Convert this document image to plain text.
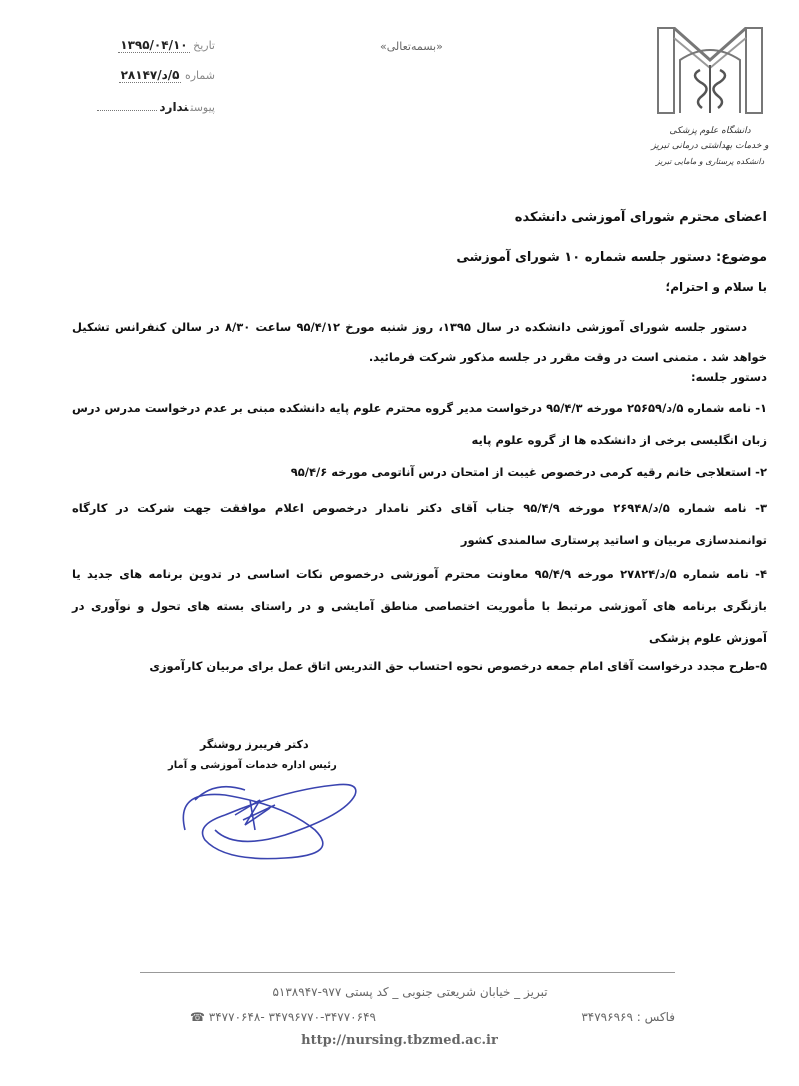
تاریخ ۱۳۹۵/۰۴/۱۰
شماره ۵/د/۲۸۱۴۷
پیوستندارد
«بسمه‌تعالی»
دانشگاه علوم پزشکی
و خدمات بهداشتی درمانی تبریز
دانشکده پرستاری و مامایی تبریز
اعضای محترم شورای آموزشی دانشکده
موضوع: دستور جلسه شماره ۱۰ شورای آموزشی
با سلام و احترام؛
دستور جلسه شورای آموزشی دانشکده در سال ۱۳۹۵، روز شنبه مورخ ۹۵/۴/۱۲ ساعت ۸/۳۰ در سالن کنفرانس تشکیل خواهد شد . متمنی است در وقت مقرر در جلسه مذکور شرکت فرمائید.
دستور جلسه:
۱- نامه شماره ۵/د/۲۵۶۵۹ مورخه ۹۵/۴/۳ درخواست مدیر گروه محترم علوم پایه دانشکده مبنی بر عدم درخواست مدرس درس زبان انگلیسی برخی از دانشکده ها از گروه علوم پایه
۲- استعلاجی خانم رقیه کرمی درخصوص غیبت از امتحان درس آناتومی مورخه ۹۵/۴/۶
۳- نامه شماره ۵/د/۲۶۹۴۸ مورخه ۹۵/۴/۹ جناب آقای دکتر نامدار درخصوص اعلام موافقت جهت شرکت در کارگاه توانمندسازی مربیان و اساتید پرستاری سالمندی کشور
۴- نامه شماره ۵/د/۲۷۸۲۴ مورخه ۹۵/۴/۹ معاونت محترم آموزشی درخصوص نکات اساسی در تدوین برنامه های جدید یا بازنگری برنامه های آموزشی مرتبط با مأموریت اختصاصی مناطق آمایشی و در راستای بسته های تحول و نوآوری در آموزش علوم پزشکی
۵-طرح مجدد درخواست آقای امام جمعه درخصوص نحوه احتساب حق التدریس اتاق عمل برای مربیان کارآموزی
دکتر فریبرز روشنگر
رئیس اداره خدمات آموزشی و آمار
تبریز _ خیابان شریعتی جنوبی _ کد پستی ۹۷۷-۵۱۳۸۹۴۷
فاکس : ۳۴۷۹۶۹۶۹
۳۴۷۹۶۷۷۰-۳۴۷۷۰۶۴۹ -۳۴۷۷۰۶۴۸ ☎
http://nursing.tbzmed.ac.ir
